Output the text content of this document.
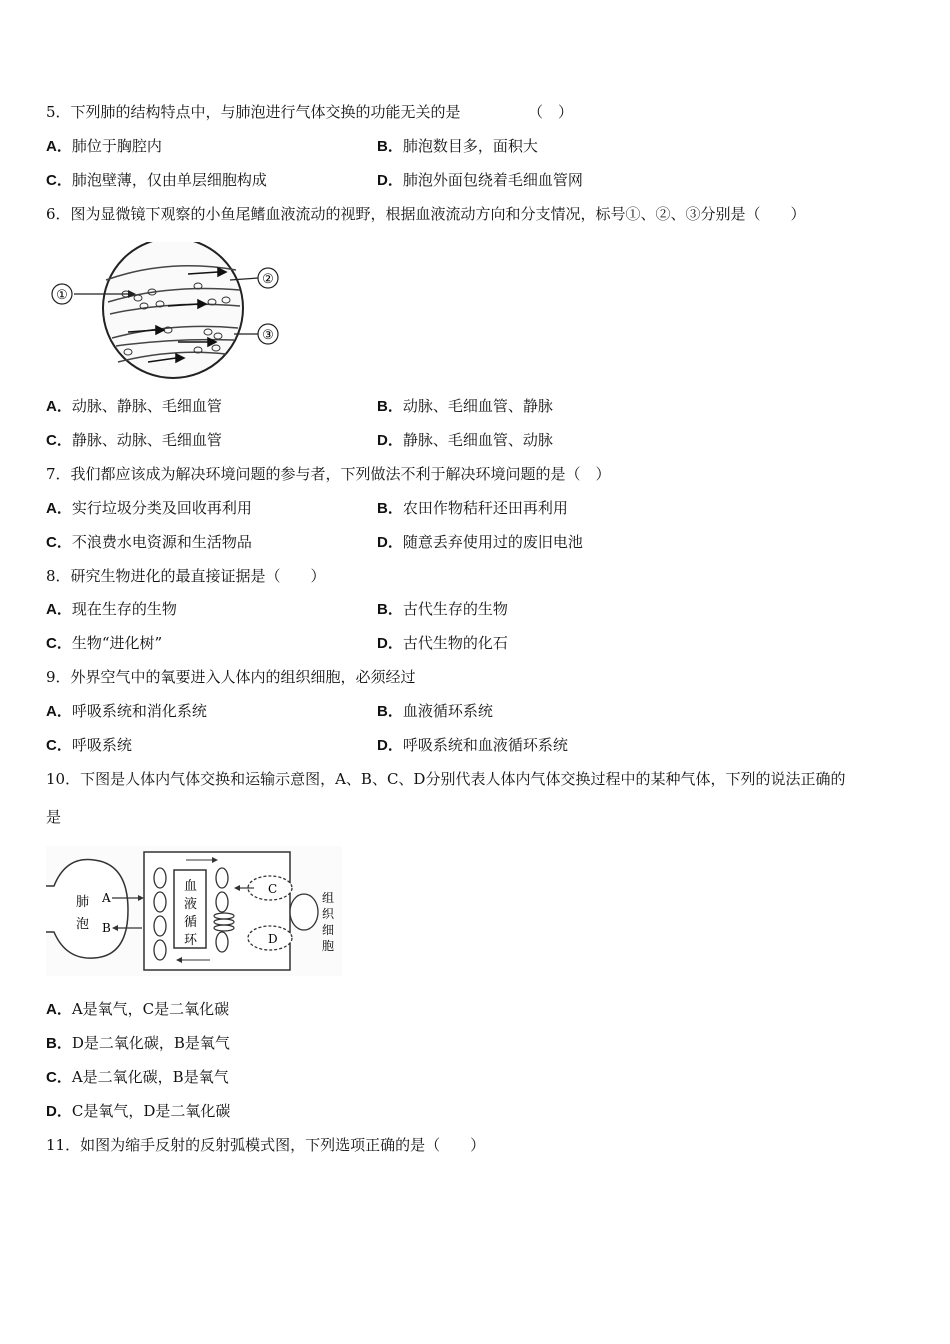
5．下列肺的结构特点中，与肺泡进行气体交换的功能无关的是　　　　　（　）
A．肺位于胸腔内	B．肺泡数目多，面积大
C．肺泡壁薄，仅由单层细胞构成	D．肺泡外面包绕着毛细血管网
6．图为显微镜下观察的小鱼尾鳍血液流动的视野，根据血液流动方向和分支情况，标号①、②、③分别是（　　）
①
②
③
A．动脉、静脉、毛细血管	B．动脉、毛细血管、静脉
C．静脉、动脉、毛细血管	D．静脉、毛细血管、动脉
7．我们都应该成为解决环境问题的参与者，下列做法不利于解决环境问题的是（　）
A．实行垃圾分类及回收再利用	B．农田作物秸秆还田再利用
C．不浪费水电资源和生活物品	D．随意丢弃使用过的废旧电池
8．研究生物进化的最直接证据是（　　）
A．现在生存的生物	B．古代生存的生物
C．生物“进化树”	D．古代生物的化石
9．外界空气中的氧要进入人体内的组织细胞，必须经过
A．呼吸系统和消化系统	B．血液循环系统
C．呼吸系统	D．呼吸系统和血液循环系统
10．下图是人体内气体交换和运输示意图，A、B、C、D分别代表人体内气体交换过程中的某种气体，下列的说法正确的
是
肺
泡
A
B
血
液
循
环
C
D
组
织
细
胞
A．A是氧气，C是二氧化碳
B．D是二氧化碳，B是氧气
C．A是二氧化碳，B是氧气
D．C是氧气，D是二氧化碳
11．如图为缩手反射的反射弧模式图，下列选项正确的是（　　）
